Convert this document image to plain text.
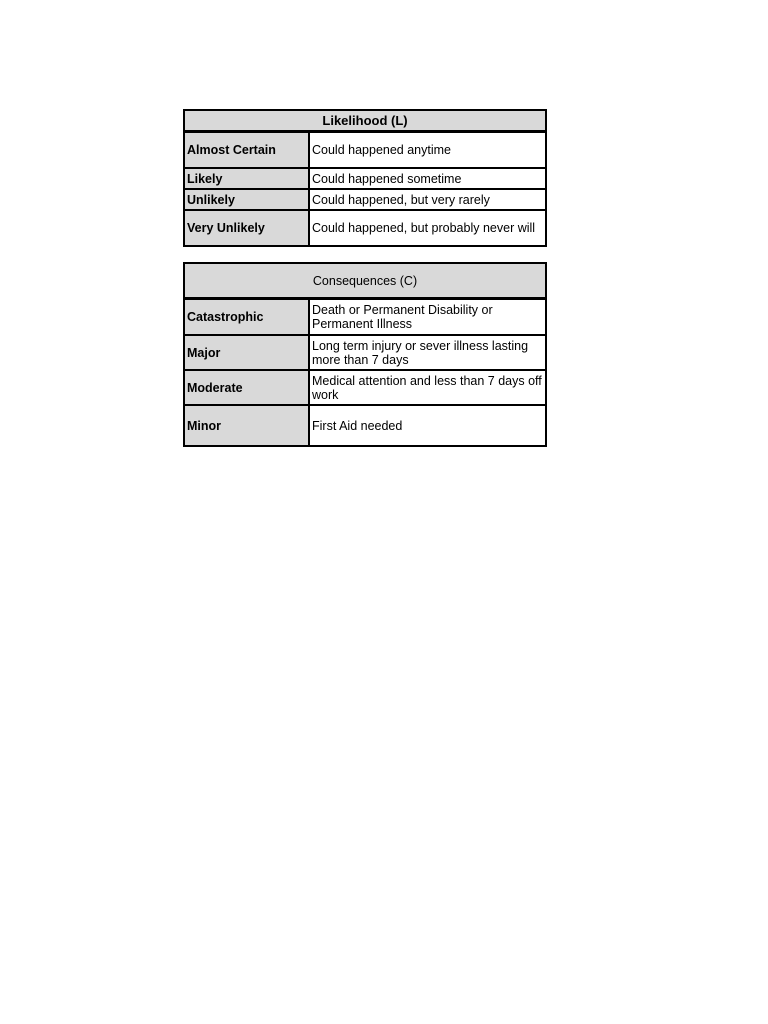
Likelihood (L)	
Almost Certain	Could happened anytime
Likely	Could happened sometime
Unlikely	Could happened, but very rarely
Very Unlikely	Could happened, but probably never will
Consequences (C)	
Catastrophic	Death or Permanent Disability or Permanent Illness
Major	Long term injury or sever illness lasting more than 7 days
Moderate	Medical attention and less than 7 days off work
Minor	First Aid needed
